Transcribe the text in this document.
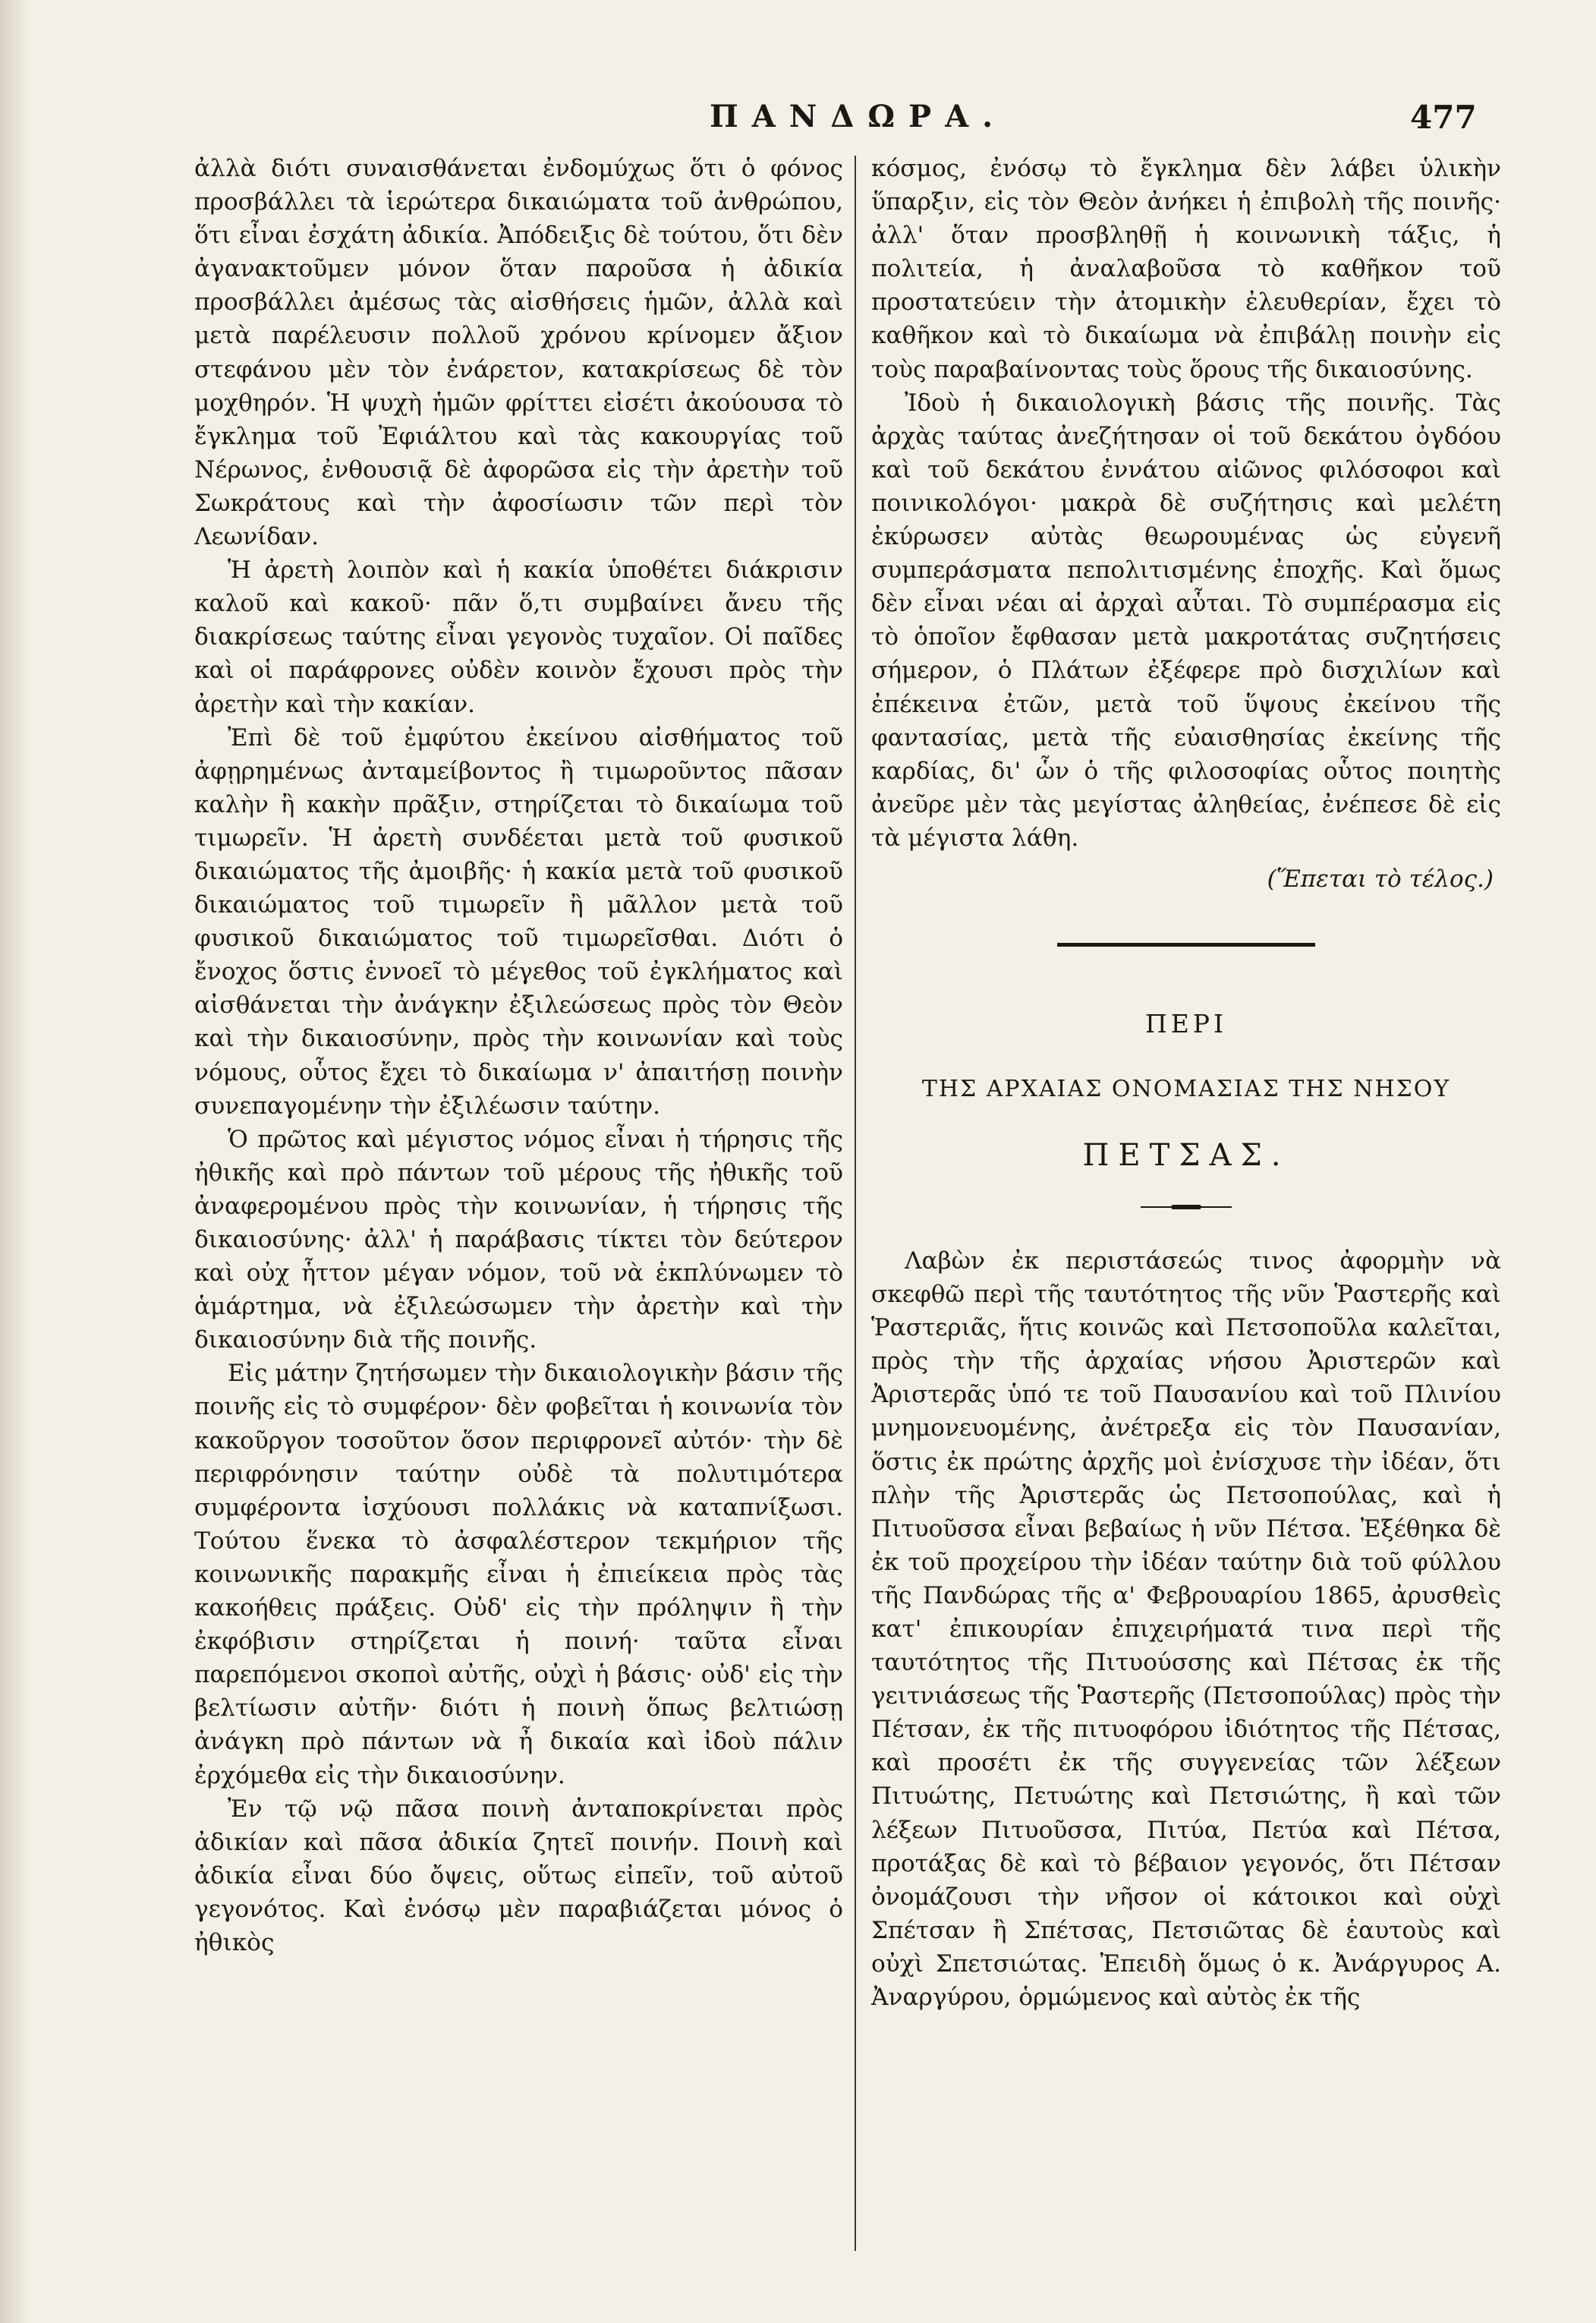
ΠΑΝΔΩΡΑ.	477

ἀλλὰ διότι συναισθάνεται ἐνδομύχως ὅτι ὁ φόνος προσβάλλει τὰ ἱερώτερα δικαιώματα τοῦ ἀνθρώπου, ὅτι εἶναι ἐσχάτη ἀδικία. Ἀπόδειξις δὲ τούτου, ὅτι δὲν ἀγανακτοῦμεν μόνον ὅταν παροῦσα ἡ ἀδικία προσβάλλει ἀμέσως τὰς αἰσθήσεις ἡμῶν, ἀλλὰ καὶ μετὰ παρέλευσιν πολλοῦ χρόνου κρίνομεν ἄξιον στεφάνου μὲν τὸν ἐνάρετον, κατακρίσεως δὲ τὸν μοχθηρόν. Ἡ ψυχὴ ἡμῶν φρίττει εἰσέτι ἀκούουσα τὸ ἔγκλημα τοῦ Ἐφιάλτου καὶ τὰς κακουργίας τοῦ Νέρωνος, ἐνθουσιᾷ δὲ ἀφορῶσα εἰς τὴν ἀρετὴν τοῦ Σωκράτους καὶ τὴν ἀφοσίωσιν τῶν περὶ τὸν Λεωνίδαν.

Ἡ ἀρετὴ λοιπὸν καὶ ἡ κακία ὑποθέτει διάκρισιν καλοῦ καὶ κακοῦ· πᾶν ὅ,τι συμβαίνει ἄνευ τῆς διακρίσεως ταύτης εἶναι γεγονὸς τυχαῖον. Οἱ παῖδες καὶ οἱ παράφρονες οὐδὲν κοινὸν ἔχουσι πρὸς τὴν ἀρετὴν καὶ τὴν κακίαν.

Ἐπὶ δὲ τοῦ ἐμφύτου ἐκείνου αἰσθήματος τοῦ ἀφῃρημένως ἀνταμείβοντος ἢ τιμωροῦντος πᾶσαν καλὴν ἢ κακὴν πρᾶξιν, στηρίζεται τὸ δικαίωμα τοῦ τιμωρεῖν. Ἡ ἀρετὴ συνδέεται μετὰ τοῦ φυσικοῦ δικαιώματος τῆς ἀμοιβῆς· ἡ κακία μετὰ τοῦ φυσικοῦ δικαιώματος τοῦ τιμωρεῖν ἢ μᾶλλον μετὰ τοῦ φυσικοῦ δικαιώματος τοῦ τιμωρεῖσθαι. Διότι ὁ ἔνοχος ὅστις ἐννοεῖ τὸ μέγεθος τοῦ ἐγκλήματος καὶ αἰσθάνεται τὴν ἀνάγκην ἐξιλεώσεως πρὸς τὸν Θεὸν καὶ τὴν δικαιοσύνην, πρὸς τὴν κοινωνίαν καὶ τοὺς νόμους, οὗτος ἔχει τὸ δικαίωμα ν' ἀπαιτήσῃ ποινὴν συνεπαγομένην τὴν ἐξιλέωσιν ταύτην.

Ὁ πρῶτος καὶ μέγιστος νόμος εἶναι ἡ τήρησις τῆς ἠθικῆς καὶ πρὸ πάντων τοῦ μέρους τῆς ἠθικῆς τοῦ ἀναφερομένου πρὸς τὴν κοινωνίαν, ἡ τήρησις τῆς δικαιοσύνης· ἀλλ' ἡ παράβασις τίκτει τὸν δεύτερον καὶ οὐχ ἧττον μέγαν νόμον, τοῦ νὰ ἐκπλύνωμεν τὸ ἁμάρτημα, νὰ ἐξιλεώσωμεν τὴν ἀρετὴν καὶ τὴν δικαιοσύνην διὰ τῆς ποινῆς.

Εἰς μάτην ζητήσωμεν τὴν δικαιολογικὴν βάσιν τῆς ποινῆς εἰς τὸ συμφέρον· δὲν φοβεῖται ἡ κοινωνία τὸν κακοῦργον τοσοῦτον ὅσον περιφρονεῖ αὐτόν· τὴν δὲ περιφρόνησιν ταύτην οὐδὲ τὰ πολυτιμότερα συμφέροντα ἰσχύουσι πολλάκις νὰ καταπνίξωσι. Τούτου ἕνεκα τὸ ἀσφαλέστερον τεκμήριον τῆς κοινωνικῆς παρακμῆς εἶναι ἡ ἐπιείκεια πρὸς τὰς κακοήθεις πράξεις. Οὐδ' εἰς τὴν πρόληψιν ἢ τὴν ἐκφόβισιν στηρίζεται ἡ ποινή· ταῦτα εἶναι παρεπόμενοι σκοποὶ αὐτῆς, οὐχὶ ἡ βάσις· οὐδ' εἰς τὴν βελτίωσιν αὐτῆν· διότι ἡ ποινὴ ὅπως βελτιώσῃ ἀνάγκη πρὸ πάντων νὰ ἦ δικαία καὶ ἰδοὺ πάλιν ἐρχόμεθα εἰς τὴν δικαιοσύνην.

Ἐν τῷ νῷ πᾶσα ποινὴ ἀνταποκρίνεται πρὸς ἀδικίαν καὶ πᾶσα ἀδικία ζητεῖ ποινήν. Ποινὴ καὶ ἀδικία εἶναι δύο ὄψεις, οὕτως εἰπεῖν, τοῦ αὐτοῦ γεγονότος. Καὶ ἐνόσῳ μὲν παραβιάζεται μόνος ὁ ἠθικὸς

κόσμος, ἐνόσῳ τὸ ἔγκλημα δὲν λάβει ὑλικὴν ὕπαρξιν, εἰς τὸν Θεὸν ἀνήκει ἡ ἐπιβολὴ τῆς ποινῆς· ἀλλ' ὅταν προσβληθῇ ἡ κοινωνικὴ τάξις, ἡ πολιτεία, ἡ ἀναλαβοῦσα τὸ καθῆκον τοῦ προστατεύειν τὴν ἀτομικὴν ἐλευθερίαν, ἔχει τὸ καθῆκον καὶ τὸ δικαίωμα νὰ ἐπιβάλῃ ποινὴν εἰς τοὺς παραβαίνοντας τοὺς ὅρους τῆς δικαιοσύνης.

Ἰδοὺ ἡ δικαιολογικὴ βάσις τῆς ποινῆς. Τὰς ἀρχὰς ταύτας ἀνεζήτησαν οἱ τοῦ δεκάτου ὀγδόου καὶ τοῦ δεκάτου ἐννάτου αἰῶνος φιλόσοφοι καὶ ποινικολόγοι· μακρὰ δὲ συζήτησις καὶ μελέτη ἐκύρωσεν αὐτὰς θεωρουμένας ὡς εὐγενῆ συμπεράσματα πεπολιτισμένης ἐποχῆς. Καὶ ὅμως δὲν εἶναι νέαι αἱ ἀρχαὶ αὗται. Τὸ συμπέρασμα εἰς τὸ ὁποῖον ἔφθασαν μετὰ μακροτάτας συζητήσεις σήμερον, ὁ Πλάτων ἐξέφερε πρὸ δισχιλίων καὶ ἐπέκεινα ἐτῶν, μετὰ τοῦ ὕψους ἐκείνου τῆς φαντασίας, μετὰ τῆς εὐαισθησίας ἐκείνης τῆς καρδίας, δι' ὧν ὁ τῆς φιλοσοφίας οὗτος ποιητὴς ἀνεῦρε μὲν τὰς μεγίστας ἀληθείας, ἐνέπεσε δὲ εἰς τὰ μέγιστα λάθη.

(Ἕπεται τὸ τέλος.)
ΠΕΡΙ
ΤΗΣ ΑΡΧΑΙΑΣ ΟΝΟΜΑΣΙΑΣ ΤΗΣ ΝΗΣΟΥ
ΠΕΤΣΑΣ.

Λαβὼν ἐκ περιστάσεώς τινος ἀφορμὴν νὰ σκεφθῶ περὶ τῆς ταυτότητος τῆς νῦν Ῥαστερῆς καὶ Ῥαστεριᾶς, ἥτις κοινῶς καὶ Πετσοποῦλα καλεῖται, πρὸς τὴν τῆς ἀρχαίας νήσου Ἀριστερῶν καὶ Ἀριστερᾶς ὑπό τε τοῦ Παυσανίου καὶ τοῦ Πλινίου μνημονευομένης, ἀνέτρεξα εἰς τὸν Παυσανίαν, ὅστις ἐκ πρώτης ἀρχῆς μοὶ ἐνίσχυσε τὴν ἰδέαν, ὅτι πλὴν τῆς Ἀριστερᾶς ὡς Πετσοπούλας, καὶ ἡ Πιτυοῦσσα εἶναι βεβαίως ἡ νῦν Πέτσα. Ἐξέθηκα δὲ ἐκ τοῦ προχείρου τὴν ἰδέαν ταύτην διὰ τοῦ φύλλου τῆς Πανδώρας τῆς α' Φεβρουαρίου 1865, ἀρυσθεὶς κατ' ἐπικουρίαν ἐπιχειρήματά τινα περὶ τῆς ταυτότητος τῆς Πιτυούσσης καὶ Πέτσας ἐκ τῆς γειτνιάσεως τῆς Ῥαστερῆς (Πετσοπούλας) πρὸς τὴν Πέτσαν, ἐκ τῆς πιτυοφόρου ἰδιότητος τῆς Πέτσας, καὶ προσέτι ἐκ τῆς συγγενείας τῶν λέξεων Πιτυώτης, Πετυώτης καὶ Πετσιώτης, ἢ καὶ τῶν λέξεων Πιτυοῦσσα, Πιτύα, Πετύα καὶ Πέτσα, προτάξας δὲ καὶ τὸ βέβαιον γεγονός, ὅτι Πέτσαν ὀνομάζουσι τὴν νῆσον οἱ κάτοικοι καὶ οὐχὶ Σπέτσαν ἢ Σπέτσας, Πετσιῶτας δὲ ἑαυτοὺς καὶ οὐχὶ Σπετσιώτας. Ἐπειδὴ ὅμως ὁ κ. Ἀνάργυρος Α. Ἀναργύρου, ὁρμώμενος καὶ αὐτὸς ἐκ τῆς
